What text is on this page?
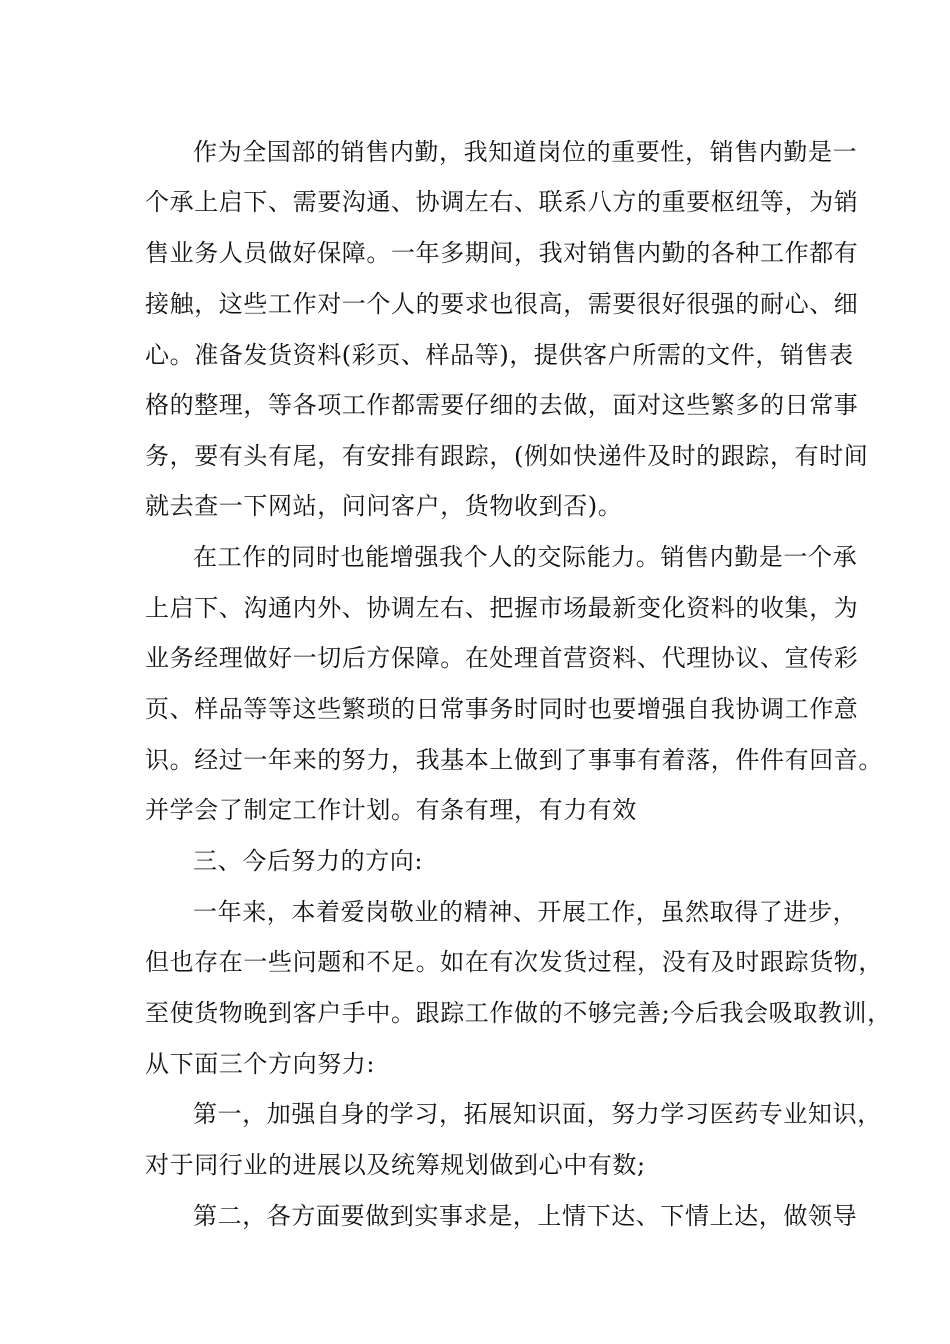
作为全国部的销售内勤，我知道岗位的重要性，销售内勤是一
个承上启下、需要沟通、协调左右、联系八方的重要枢纽等，为销
售业务人员做好保障。一年多期间，我对销售内勤的各种工作都有
接触，这些工作对一个人的要求也很高，需要很好很强的耐心、细
心。准备发货资料(彩页、样品等)，提供客户所需的文件，销售表
格的整理，等各项工作都需要仔细的去做，面对这些繁多的日常事
务，要有头有尾，有安排有跟踪，(例如快递件及时的跟踪，有时间
就去查一下网站，问问客户，货物收到否)。
在工作的同时也能增强我个人的交际能力。销售内勤是一个承
上启下、沟通内外、协调左右、把握市场最新变化资料的收集，为
业务经理做好一切后方保障。在处理首营资料、代理协议、宣传彩
页、样品等等这些繁琐的日常事务时同时也要增强自我协调工作意
识。经过一年来的努力，我基本上做到了事事有着落，件件有回音。
并学会了制定工作计划。有条有理，有力有效
三、今后努力的方向:
一年来，本着爱岗敬业的精神、开展工作，虽然取得了进步，
但也存在一些问题和不足。如在有次发货过程，没有及时跟踪货物，
至使货物晚到客户手中。跟踪工作做的不够完善;今后我会吸取教训，
从下面三个方向努力:
第一，加强自身的学习，拓展知识面，努力学习医药专业知识，
对于同行业的进展以及统筹规划做到心中有数;
第二，各方面要做到实事求是，上情下达、下情上达，做领导
